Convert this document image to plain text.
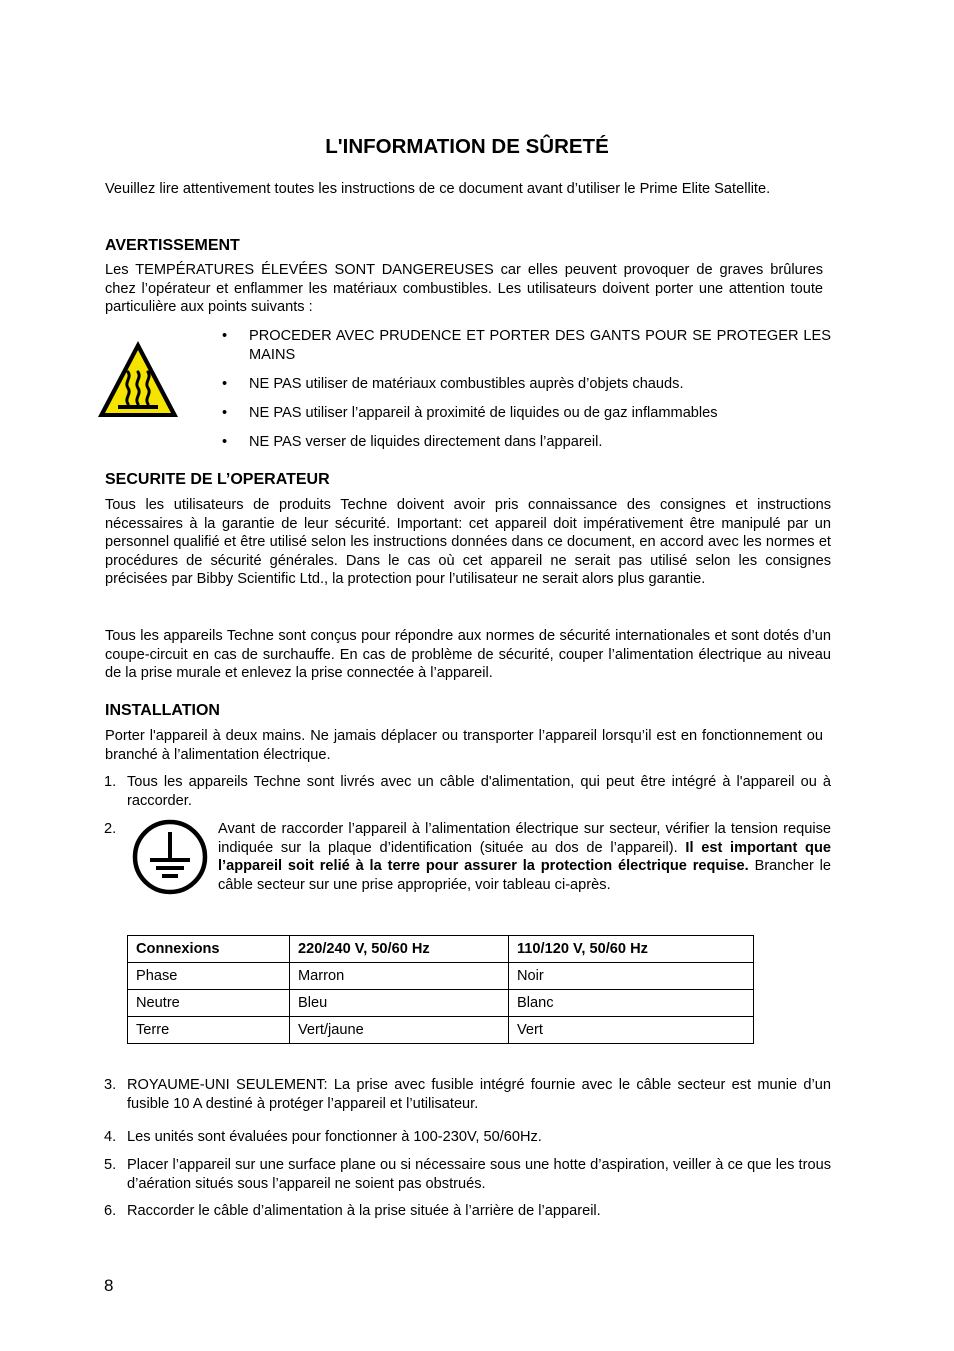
L'INFORMATION DE SÛRETÉ
Veuillez lire attentivement toutes les instructions de ce document avant d’utiliser le Prime Elite Satellite.
AVERTISSEMENT
Les TEMPÉRATURES ÉLEVÉES SONT DANGEREUSES car elles peuvent provoquer de graves brûlures chez l’opérateur et enflammer les matériaux combustibles. Les utilisateurs doivent porter une attention toute particulière aux points suivants :
• PROCEDER AVEC PRUDENCE ET PORTER DES GANTS POUR SE PROTEGER LES MAINS
• NE PAS utiliser de matériaux combustibles auprès d’objets chauds.
• NE PAS utiliser l’appareil à proximité de liquides ou de gaz inflammables
• NE PAS verser de liquides directement dans l’appareil.
SECURITE DE L’OPERATEUR
Tous les utilisateurs de produits Techne doivent avoir pris connaissance des consignes et instructions nécessaires à la garantie de leur sécurité. Important: cet appareil doit impérativement être manipulé par un personnel qualifié et être utilisé selon les instructions données dans ce document, en accord avec les normes et procédures de sécurité générales. Dans le cas où cet appareil ne serait pas utilisé selon les consignes précisées par Bibby Scientific Ltd., la protection pour l’utilisateur ne serait alors plus garantie.
Tous les appareils Techne sont conçus pour répondre aux normes de sécurité internationales et sont dotés d’un coupe-circuit en cas de surchauffe. En cas de problème de sécurité, couper l’alimentation électrique au niveau de la prise murale et enlevez la prise connectée à l’appareil.
INSTALLATION
Porter l'appareil à deux mains. Ne jamais déplacer ou transporter l’appareil lorsqu’il est en fonctionnement ou branché à l’alimentation électrique.
1. Tous les appareils Techne sont livrés avec un câble d'alimentation, qui peut être intégré à l'appareil ou à raccorder.
2.	Avant de raccorder l’appareil à l’alimentation électrique sur secteur, vérifier la tension requise indiquée sur la plaque d’identification (située au dos de l’appareil). Il est important que l’appareil soit relié à la terre pour assurer la protection électrique requise. Brancher le câble secteur sur une prise appropriée, voir tableau ci-après.
Connexions	220/240 V, 50/60 Hz	110/120 V, 50/60 Hz
Phase	Marron	Noir
Neutre	Bleu	Blanc
Terre	Vert/jaune	Vert
3. ROYAUME-UNI SEULEMENT: La prise avec fusible intégré fournie avec le câble secteur est munie d’un fusible 10 A destiné à protéger l’appareil et l’utilisateur.
4. Les unités sont évaluées pour fonctionner à 100-230V, 50/60Hz.
5. Placer l’appareil sur une surface plane ou si nécessaire sous une hotte d’aspiration, veiller à ce que les trous d’aération situés sous l’appareil ne soient pas obstrués.
6. Raccorder le câble d’alimentation à la prise située à l’arrière de l’appareil.
8
